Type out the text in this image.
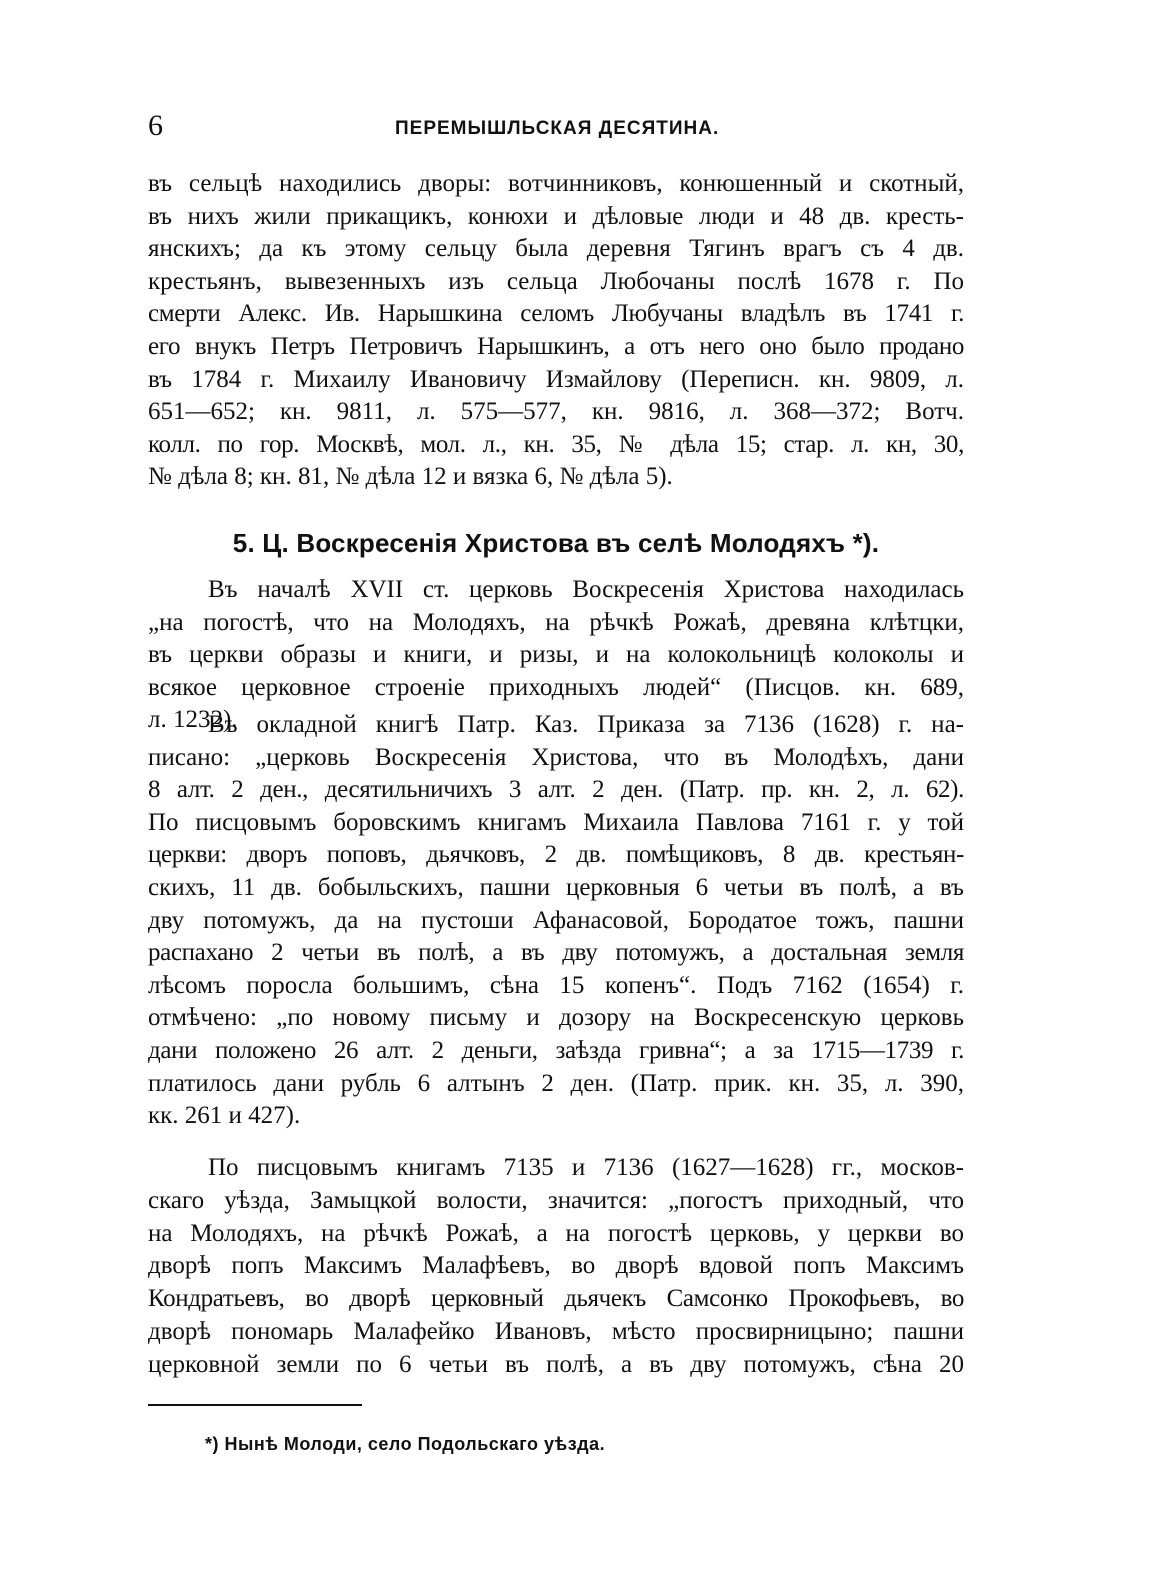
6	ПЕРЕМЫШЛЬСКАЯ ДЕСЯТИНА.
въ сельцѣ находились дворы: вотчинниковъ, конюшенный и скотный,
въ нихъ жили прикащикъ, конюхи и дѣловые люди и 48 дв. кресть-
янскихъ; да къ этому сельцу была деревня Тягинъ врагъ съ 4 дв.
крестьянъ, вывезенныхъ изъ сельца Любочаны послѣ 1678 г. По
смерти Алекс. Ив. Нарышкина селомъ Любучаны владѣлъ въ 1741 г.
его внукъ Петръ Петровичъ Нарышкинъ, а отъ него оно было продано
въ 1784 г. Михаилу Ивановичу Измайлову (Переписн. кн. 9809, л.
651—652; кн. 9811, л. 575—577, кн. 9816, л. 368—372; Вотч.
колл. по гор. Москвѣ, мол. л., кн. 35, № дѣла 15; стар. л. кн, 30,
№ дѣла 8; кн. 81, № дѣла 12 и вязка 6, № дѣла 5).
5. Ц. Воскресенія Христова въ селѣ Молодяхъ *).
Въ началѣ XVII ст. церковь Воскресенія Христова находилась
„на погостѣ, что на Молодяхъ, на рѣчкѣ Рожаѣ, древяна клѣтцки,
въ церкви образы и книги, и ризы, и на колокольницѣ колоколы и
всякое церковное строеніе приходныхъ людей“ (Писцов. кн. 689,
л. 1232).
Въ окладной книгѣ Патр. Каз. Приказа за 7136 (1628) г. на-
писано: „церковь Воскресенія Христова, что въ Молодѣхъ, дани
8 алт. 2 ден., десятильничихъ 3 алт. 2 ден. (Патр. пр. кн. 2, л. 62).
По писцовымъ боровскимъ книгамъ Михаила Павлова 7161 г. у той
церкви: дворъ поповъ, дьячковъ, 2 дв. помѣщиковъ, 8 дв. крестьян-
скихъ, 11 дв. бобыльскихъ, пашни церковныя 6 четьи въ полѣ, а въ
дву потомужъ, да на пустоши Афанасовой, Бородатое тожъ, пашни
распахано 2 четьи въ полѣ, а въ дву потомужъ, а достальная земля
лѣсомъ поросла большимъ, сѣна 15 копенъ“. Подъ 7162 (1654) г.
отмѣчено: „по новому письму и дозору на Воскресенскую церковь
дани положено 26 алт. 2 деньги, заѣзда гривна“; а за 1715—1739 г.
платилось дани рубль 6 алтынъ 2 ден. (Патр. прик. кн. 35, л. 390,
кк. 261 и 427).
По писцовымъ книгамъ 7135 и 7136 (1627—1628) гг., москов-
скаго уѣзда, Замыцкой волости, значится: „погостъ приходный, что
на Молодяхъ, на рѣчкѣ Рожаѣ, а на погостѣ церковь, у церкви во
дворѣ попъ Максимъ Малафѣевъ, во дворѣ вдовой попъ Максимъ
Кондратьевъ, во дворѣ церковный дьячекъ Самсонко Прокофьевъ, во
дворѣ пономарь Малафейко Ивановъ, мѣсто просвирницыно; пашни
церковной земли по 6 четьи въ полѣ, а въ дву потомужъ, сѣна 20
*) Нынѣ Молоди, село Подольскаго уѣзда.
